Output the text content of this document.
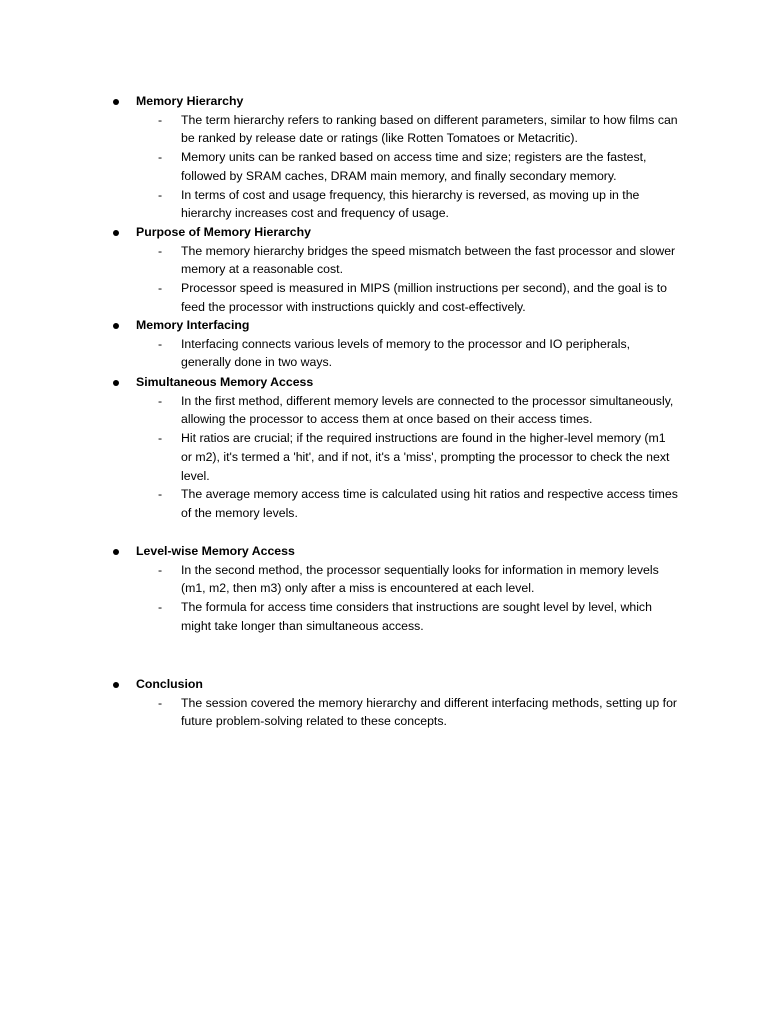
Memory Hierarchy
- The term hierarchy refers to ranking based on different parameters, similar to how films can be ranked by release date or ratings (like Rotten Tomatoes or Metacritic).
- Memory units can be ranked based on access time and size; registers are the fastest, followed by SRAM caches, DRAM main memory, and finally secondary memory.
- In terms of cost and usage frequency, this hierarchy is reversed, as moving up in the hierarchy increases cost and frequency of usage.
Purpose of Memory Hierarchy
- The memory hierarchy bridges the speed mismatch between the fast processor and slower memory at a reasonable cost.
- Processor speed is measured in MIPS (million instructions per second), and the goal is to feed the processor with instructions quickly and cost-effectively.
Memory Interfacing
- Interfacing connects various levels of memory to the processor and IO peripherals, generally done in two ways.
Simultaneous Memory Access
- In the first method, different memory levels are connected to the processor simultaneously, allowing the processor to access them at once based on their access times.
- Hit ratios are crucial; if the required instructions are found in the higher-level memory (m1 or m2), it's termed a 'hit', and if not, it's a 'miss', prompting the processor to check the next level.
- The average memory access time is calculated using hit ratios and respective access times of the memory levels.
Level-wise Memory Access
- In the second method, the processor sequentially looks for information in memory levels (m1, m2, then m3) only after a miss is encountered at each level.
- The formula for access time considers that instructions are sought level by level, which might take longer than simultaneous access.
Conclusion
- The session covered the memory hierarchy and different interfacing methods, setting up for future problem-solving related to these concepts.
